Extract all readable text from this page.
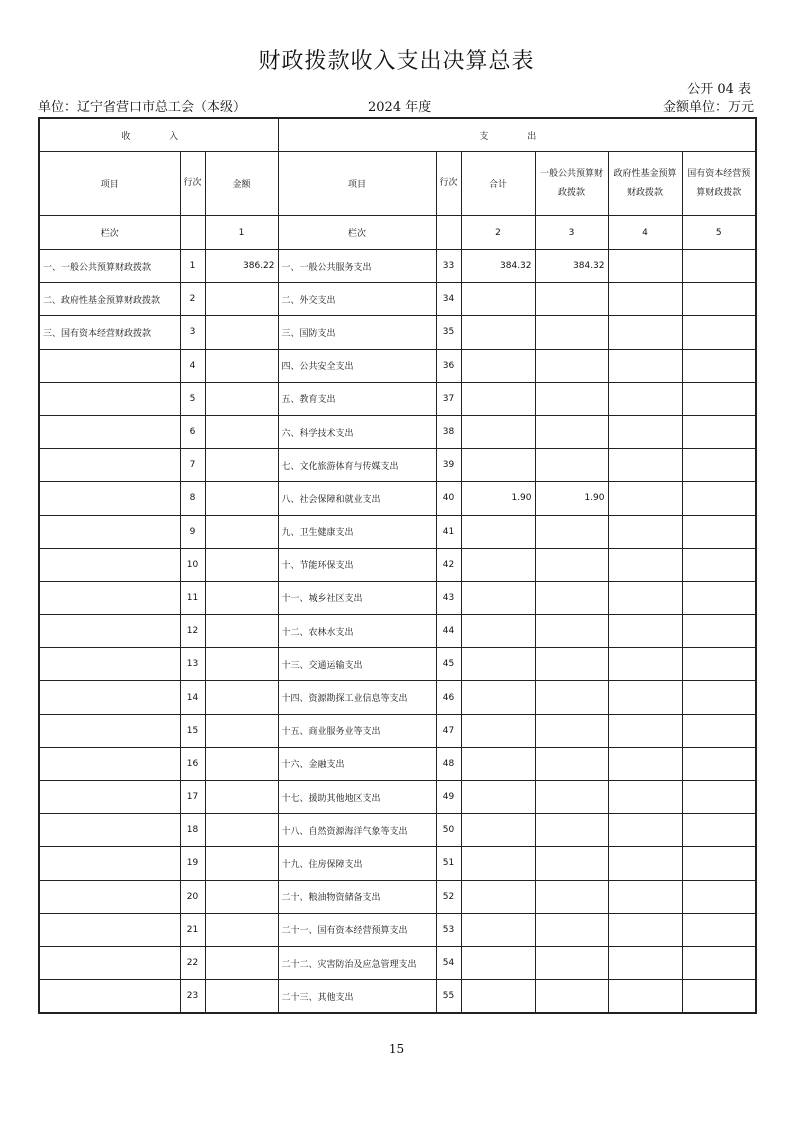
财政拨款收入支出决算总表
公开 04 表
单位：辽宁省营口市总工会（本级）	2024 年度	金额单位：万元
收 入			支 出					
项目	行次	金额	项目	行次	合计	一般公共预算财政拨款	政府性基金预算财政拨款	国有资本经营预算财政拨款
栏次		1	栏次		2	3	4	5
一、一般公共预算财政拨款	1	386.22	一、一般公共服务支出	33	384.32	384.32		
二、政府性基金预算财政拨款	2		二、外交支出	34				
三、国有资本经营财政拨款	3		三、国防支出	35				
	4		四、公共安全支出	36				
	5		五、教育支出	37				
	6		六、科学技术支出	38				
	7		七、文化旅游体育与传媒支出	39				
	8		八、社会保障和就业支出	40	1.90	1.90		
	9		九、卫生健康支出	41				
	10		十、节能环保支出	42				
	11		十一、城乡社区支出	43				
	12		十二、农林水支出	44				
	13		十三、交通运输支出	45				
	14		十四、资源勘探工业信息等支出	46				
	15		十五、商业服务业等支出	47				
	16		十六、金融支出	48				
	17		十七、援助其他地区支出	49				
	18		十八、自然资源海洋气象等支出	50				
	19		十九、住房保障支出	51				
	20		二十、粮油物资储备支出	52				
	21		二十一、国有资本经营预算支出	53				
	22		二十二、灾害防治及应急管理支出	54				
	23		二十三、其他支出	55				
15
